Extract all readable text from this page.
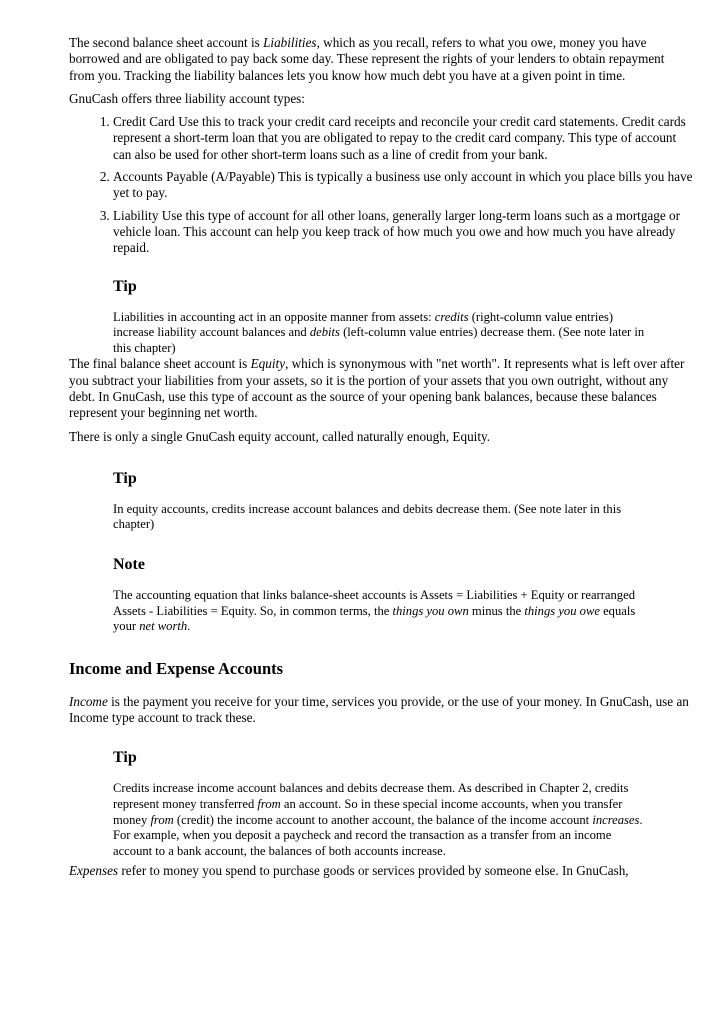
The second balance sheet account is Liabilities, which as you recall, refers to what you owe, money you have borrowed and are obligated to pay back some day. These represent the rights of your lenders to obtain repayment from you. Tracking the liability balances lets you know how much debt you have at a given point in time.

GnuCash offers three liability account types:

1. Credit Card Use this to track your credit card receipts and reconcile your credit card statements. Credit cards represent a short-term loan that you are obligated to repay to the credit card company. This type of account can also be used for other short-term loans such as a line of credit from your bank.
2. Accounts Payable (A/Payable) This is typically a business use only account in which you place bills you have yet to pay.
3. Liability Use this type of account for all other loans, generally larger long-term loans such as a mortgage or vehicle loan. This account can help you keep track of how much you owe and how much you have already repaid.
Tip
Liabilities in accounting act in an opposite manner from assets: credits (right-column value entries) increase liability account balances and debits (left-column value entries) decrease them. (See note later in this chapter)

The final balance sheet account is Equity, which is synonymous with "net worth". It represents what is left over after you subtract your liabilities from your assets, so it is the portion of your assets that you own outright, without any debt. In GnuCash, use this type of account as the source of your opening bank balances, because these balances represent your beginning net worth.

There is only a single GnuCash equity account, called naturally enough, Equity.

Tip
In equity accounts, credits increase account balances and debits decrease them. (See note later in this chapter)
Note
The accounting equation that links balance-sheet accounts is Assets = Liabilities + Equity or rearranged Assets - Liabilities = Equity. So, in common terms, the things you own minus the things you owe equals your net worth.
Income and Expense Accounts

Income is the payment you receive for your time, services you provide, or the use of your money. In GnuCash, use an Income type account to track these.

Tip
Credits increase income account balances and debits decrease them. As described in Chapter 2, credits represent money transferred from an account. So in these special income accounts, when you transfer money from (credit) the income account to another account, the balance of the income account increases. For example, when you deposit a paycheck and record the transaction as a transfer from an income account to a bank account, the balances of both accounts increase.

Expenses refer to money you spend to purchase goods or services provided by someone else. In GnuCash,
